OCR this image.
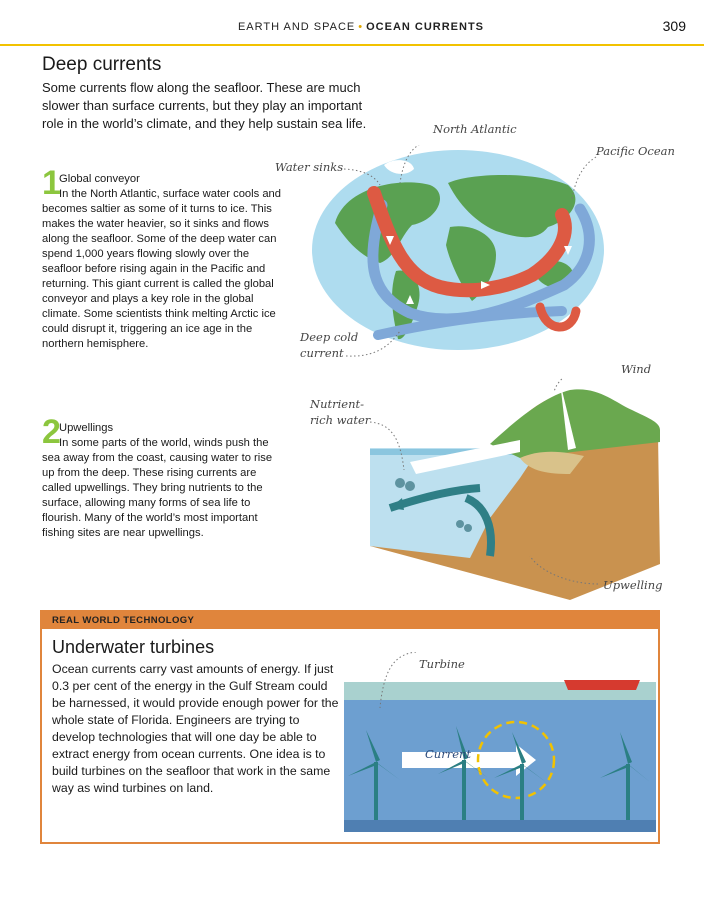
EARTH AND SPACE • OCEAN CURRENTS	309
Deep currents
Some currents flow along the seafloor. These are much slower than surface currents, but they play an important role in the world’s climate, and they help sustain sea life.
1
Global conveyor
In the North Atlantic, surface water cools and becomes saltier as some of it turns to ice. This makes the water heavier, so it sinks and flows along the seafloor. Some of the deep water can spend 1,000 years flowing slowly over the seafloor before rising again in the Pacific and returning. This giant current is called the global conveyor and plays a key role in the global climate. Some scientists think melting Arctic ice could disrupt it, triggering an ice age in the northern hemisphere.
2
Upwellings
In some parts of the world, winds push the sea away from the coast, causing water to rise up from the deep. These rising currents are called upwellings. They bring nutrients to the surface, allowing many forms of sea life to flourish. Many of the world’s most important fishing sites are near upwellings.
North Atlantic
Pacific Ocean
Water sinks
Deep cold
current
Wind
Nutrient-
rich water
Upwelling
REAL WORLD TECHNOLOGY
Underwater turbines
Ocean currents carry vast amounts of energy. If just 0.3 per cent of the energy in the Gulf Stream could be harnessed, it would provide enough power for the whole state of Florida. Engineers are trying to develop technologies that will one day be able to extract energy from ocean currents. One idea is to build turbines on the seafloor that work in the same way as wind turbines on land.
Turbine
Current
